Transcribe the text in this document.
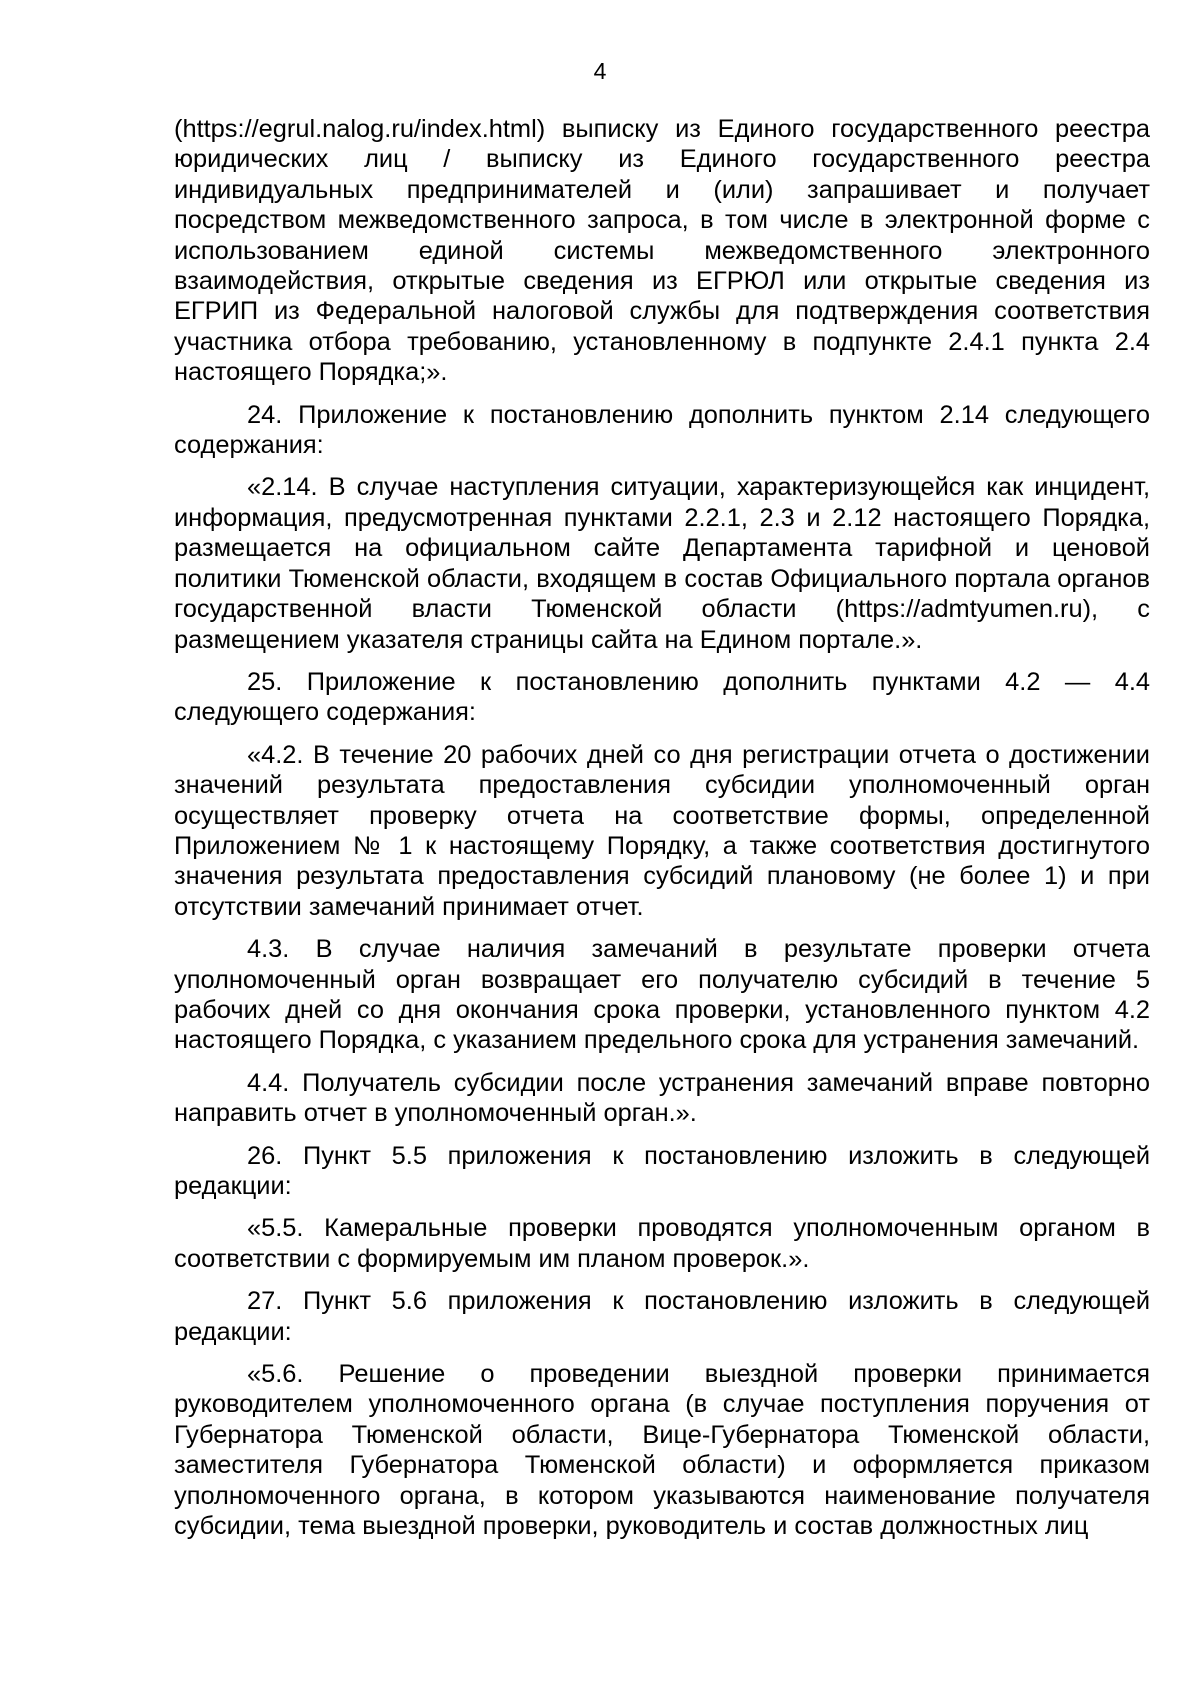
4

(https://egrul.nalog.ru/index.html) выписку из Единого государственного реестра юридических лиц / выписку из Единого государственного реестра индивидуальных предпринимателей и (или) запрашивает и получает посредством межведомственного запроса, в том числе в электронной форме с использованием единой системы межведомственного электронного взаимодействия, открытые сведения из ЕГРЮЛ или открытые сведения из ЕГРИП из Федеральной налоговой службы для подтверждения соответствия участника отбора требованию, установленному в подпункте 2.4.1 пункта 2.4 настоящего Порядка;».

24. Приложение к постановлению дополнить пунктом 2.14 следующего содержания:

«2.14. В случае наступления ситуации, характеризующейся как инцидент, информация, предусмотренная пунктами 2.2.1, 2.3 и 2.12 настоящего Порядка, размещается на официальном сайте Департамента тарифной и ценовой политики Тюменской области, входящем в состав Официального портала органов государственной власти Тюменской области (https://admtyumen.ru), с размещением указателя страницы сайта на Едином портале.».

25. Приложение к постановлению дополнить пунктами 4.2 — 4.4 следующего содержания:

«4.2. В течение 20 рабочих дней со дня регистрации отчета о достижении значений результата предоставления субсидии уполномоченный орган осуществляет проверку отчета на соответствие формы, определенной Приложением № 1 к настоящему Порядку, а также соответствия достигнутого значения результата предоставления субсидий плановому (не более 1) и при отсутствии замечаний принимает отчет.

4.3. В случае наличия замечаний в результате проверки отчета уполномоченный орган возвращает его получателю субсидий в течение 5 рабочих дней со дня окончания срока проверки, установленного пунктом 4.2 настоящего Порядка, с указанием предельного срока для устранения замечаний.

4.4. Получатель субсидии после устранения замечаний вправе повторно направить отчет в уполномоченный орган.».

26. Пункт 5.5 приложения к постановлению изложить в следующей редакции:

«5.5. Камеральные проверки проводятся уполномоченным органом в соответствии с формируемым им планом проверок.».

27. Пункт 5.6 приложения к постановлению изложить в следующей редакции:

«5.6. Решение о проведении выездной проверки принимается руководителем уполномоченного органа (в случае поступления поручения от Губернатора Тюменской области, Вице-Губернатора Тюменской области, заместителя Губернатора Тюменской области) и оформляется приказом уполномоченного органа, в котором указываются наименование получателя субсидии, тема выездной проверки, руководитель и состав должностных лиц
